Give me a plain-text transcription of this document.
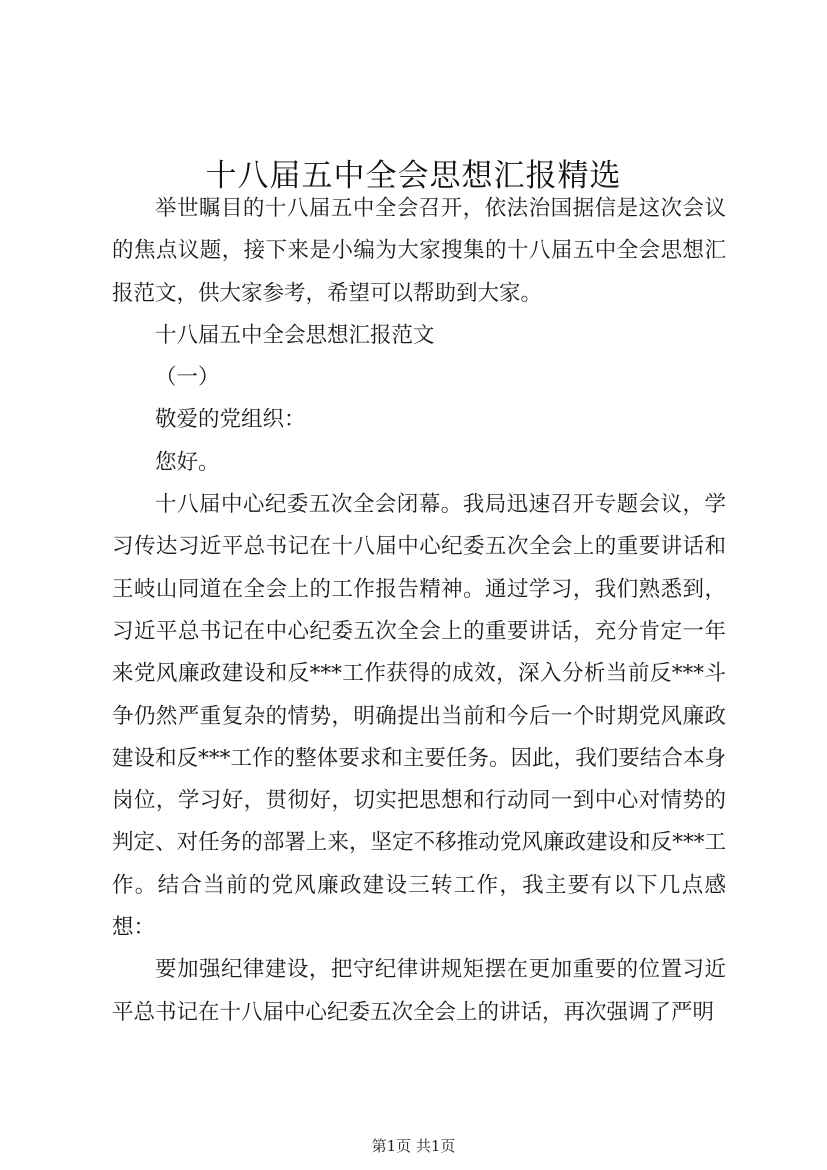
十八届五中全会思想汇报精选

举世瞩目的十八届五中全会召开，依法治国据信是这次会议的焦点议题，接下来是小编为大家搜集的十八届五中全会思想汇报范文，供大家参考，希望可以帮助到大家。

十八届五中全会思想汇报范文

（一）

敬爱的党组织：

您好。

十八届中心纪委五次全会闭幕。我局迅速召开专题会议，学习传达习近平总书记在十八届中心纪委五次全会上的重要讲话和王岐山同道在全会上的工作报告精神。通过学习，我们熟悉到，习近平总书记在中心纪委五次全会上的重要讲话，充分肯定一年来党风廉政建设和反***工作获得的成效，深入分析当前反***斗争仍然严重复杂的情势，明确提出当前和今后一个时期党风廉政建设和反***工作的整体要求和主要任务。因此，我们要结合本身岗位，学习好，贯彻好，切实把思想和行动同一到中心对情势的判定、对任务的部署上来，坚定不移推动党风廉政建设和反***工作。结合当前的党风廉政建设三转工作，我主要有以下几点感想：

要加强纪律建设，把守纪律讲规矩摆在更加重要的位置习近平总书记在十八届中心纪委五次全会上的讲话，再次强调了严明

第1页 共1页
